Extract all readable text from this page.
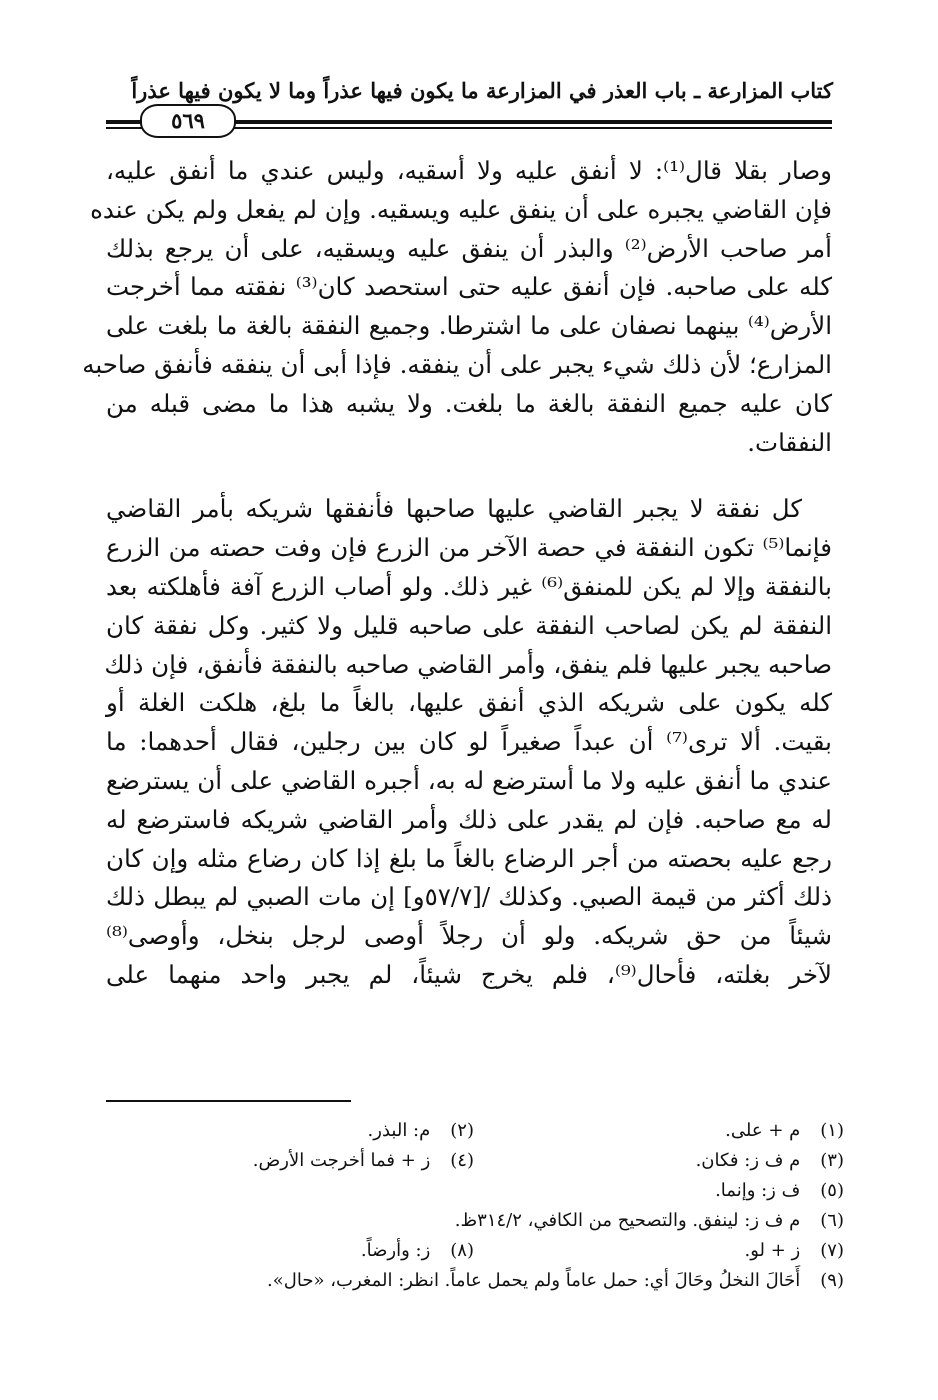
كتاب المزارعة ـ باب العذر في المزارعة ما يكون فيها عذراً وما لا يكون فيها عذراً
٥٦٩

وصار بقلا قال⁽¹⁾: لا أنفق عليه ولا أسقيه، وليس عندي ما أنفق عليه،
فإن القاضي يجبره على أن ينفق عليه ويسقيه. وإن لم يفعل ولم يكن عنده
أمر صاحب الأرض⁽²⁾ والبذر أن ينفق عليه ويسقيه، على أن يرجع بذلك
كله على صاحبه. فإن أنفق عليه حتى استحصد كان⁽³⁾ نفقته مما أخرجت
الأرض⁽⁴⁾ بينهما نصفان على ما اشترطا. وجميع النفقة بالغة ما بلغت على
المزارع؛ لأن ذلك شيء يجبر على أن ينفقه. فإذا أبى أن ينفقه فأنفق صاحبه
كان عليه جميع النفقة بالغة ما بلغت. ولا يشبه هذا ما مضى قبله من
النفقات.

كل نفقة لا يجبر القاضي عليها صاحبها فأنفقها شريكه بأمر القاضي
فإنما⁽⁵⁾ تكون النفقة في حصة الآخر من الزرع فإن وفت حصته من الزرع
بالنفقة وإلا لم يكن للمنفق⁽⁶⁾ غير ذلك. ولو أصاب الزرع آفة فأهلكته بعد
النفقة لم يكن لصاحب النفقة على صاحبه قليل ولا كثير. وكل نفقة كان
صاحبه يجبر عليها فلم ينفق، وأمر القاضي صاحبه بالنفقة فأنفق، فإن ذلك
كله يكون على شريكه الذي أنفق عليها، بالغاً ما بلغ، هلكت الغلة أو
بقيت. ألا ترى⁽⁷⁾ أن عبداً صغيراً لو كان بين رجلين، فقال أحدهما: ما
عندي ما أنفق عليه ولا ما أسترضع له به، أجبره القاضي على أن يسترضع
له مع صاحبه. فإن لم يقدر على ذلك وأمر القاضي شريكه فاسترضع له
رجع عليه بحصته من أجر الرضاع بالغاً ما بلغ إذا كان رضاع مثله وإن كان
ذلك أكثر من قيمة الصبي. وكذلك /[٥٧/٧و] إن مات الصبي لم يبطل ذلك
شيئاً من حق شريكه. ولو أن رجلاً أوصى لرجل بنخل، وأوصى⁽⁸⁾
لآخر بغلته، فأحال⁽⁹⁾، فلم يخرج شيئاً، لم يجبر واحد منهما على

(١) م + على.
(٢) م: البذر.
(٣) م ف ز: فكان.
(٤) ز + فما أخرجت الأرض.
(٥) ف ز: وإنما.
(٦) م ف ز: لينفق. والتصحيح من الكافي، ٣١٤/٢ظ.
(٧) ز + لو.
(٨) ز: وأرضاً.
(٩) أَحَالَ النخلُ وحَالَ أي: حمل عاماً ولم يحمل عاماً. انظر: المغرب، «حال».
